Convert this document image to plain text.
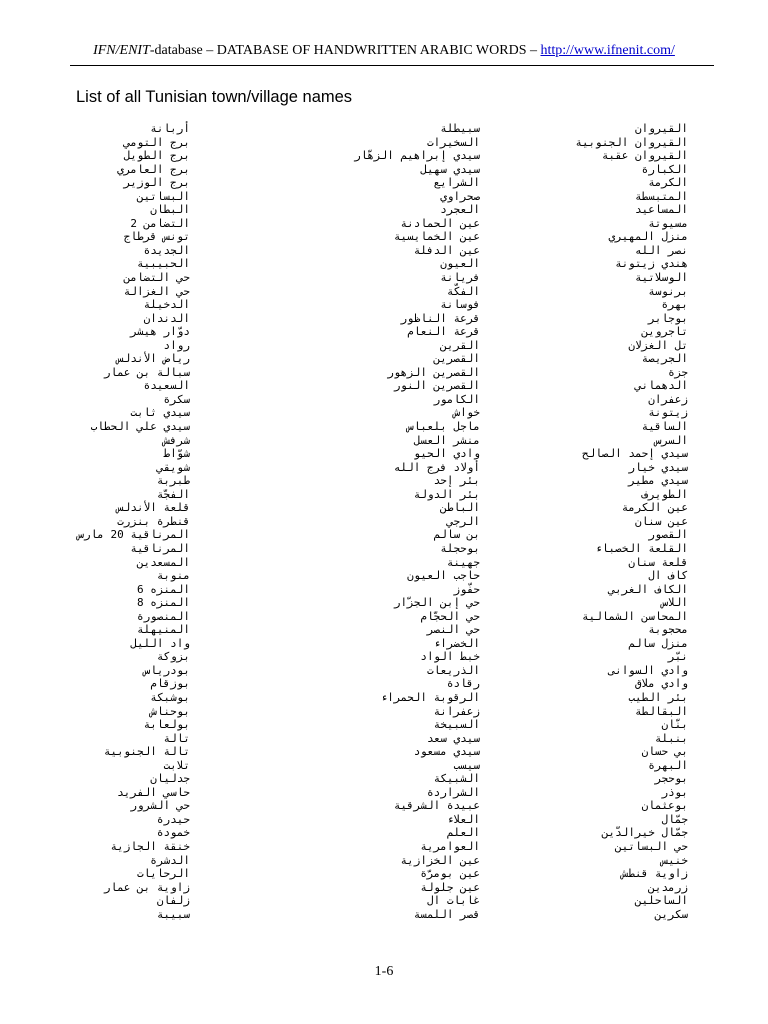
IFN/ENIT-database – DATABASE OF HANDWRITTEN ARABIC WORDS – http://www.ifnenit.com/
List of all Tunisian town/village names
أربانة
برج التومي
برج الطويل
برج العامري
برج الوزير
البساتين
البطان
التضامن 2
تونس قرطاج
الجديدة
الحبيبية
حي التضامن
حي الغزالة
الدخيلة
الدندان
دوّار هيشر
رواد
رياض الأندلس
سبالة بن عمار
السعيدة
سكرة
سيدي ثابت
سيدي علي الحطاب
شرفش
شوّاط
شويقي
طبربة
الفجّة
قلعة الأندلس
قنطرة بنزرت
المرناقية 20 مارس
المرناقية
المسعدين
منوبة
المنزه 6
المنزه 8
المنصورة
المنيهلة
واد الليل
بزوكة
بودرياس
بوزقام
بوشبكة
بوحناش
بولعابة
تالة
تالة الجنوبية
تلابت
جدليان
حاسي الفريد
حي الشرور
حيدرة
خمودة
خنقة الجازية
الدشرة
الرحايات
زاوية بن عمار
زلفان
سبيبة
سبيطلة
السخيرات
سيدي إبراهيم الزهّار
سيدي سهيل
الشرايع
صحراوي
العجرد
عين الحمادنة
عين الخمايسية
عين الدفلة
العيون
فريانة
الفكّة
فوسانة
قرعة الناظور
قرعة النعام
القرين
القصرين
القصرين الزهور
القصرين النور
الكامور
خواش
ماجل بلعباس
منشر العسل
وادي الحيو
أولاد فرج الله
بئر إحد
بئر الدولة
الباطن
الرجي
بن سالم
بوحجلة
جهينة
حاجب العيون
حفّوز
حي إبن الجزّار
حي الحجّام
حي النصر
الخضراء
خبط الواد
الذريعات
رقادة
الرقوبة الحمراء
زعفرانة
السبيخة
سيدي سعد
سيدي مسعود
سيسب
الشبيكة
الشراردة
عبيدة الشرقية
العلاء
العلم
العوامرية
عين الخزازية
عين بومرّة
عين جلولة
غابات ال
قصر اللمسة
القيروان
القيروان الجنوبية
القيروان عقبة
الكبارة
الكرمة
المتبسطة
المساعيد
مسيوتة
منزل المهيري
نصر الله
هندي زيتونة
الوسلاتية
برنوسة
بهرة
بوجابر
تاجروين
تل الغزلان
الجريصة
جزة
الدهماني
زعفران
زيتونة
الساقية
السرس
سيدي إحمد الصالح
سيدي خيار
سيدي مطير
الطويرف
عين الكرمة
عين سنان
القصور
القلعة الخصباء
قلعة سنان
كاف ال
الكاف الغربي
اللاس
المحاسن الشمالية
محجوبة
منزل سالم
نبّر
وادي السوانى
وادي ملاق
بئر الطيب
البقالطة
بنّان
بنبلة
بي حسان
البهرة
بوحجر
بوذر
بوعثمان
جمّال
جمّال خيرالدّين
حي البساتين
خنيس
زاوية قنطش
زرمدين
الساحلين
سكرين
1-6
